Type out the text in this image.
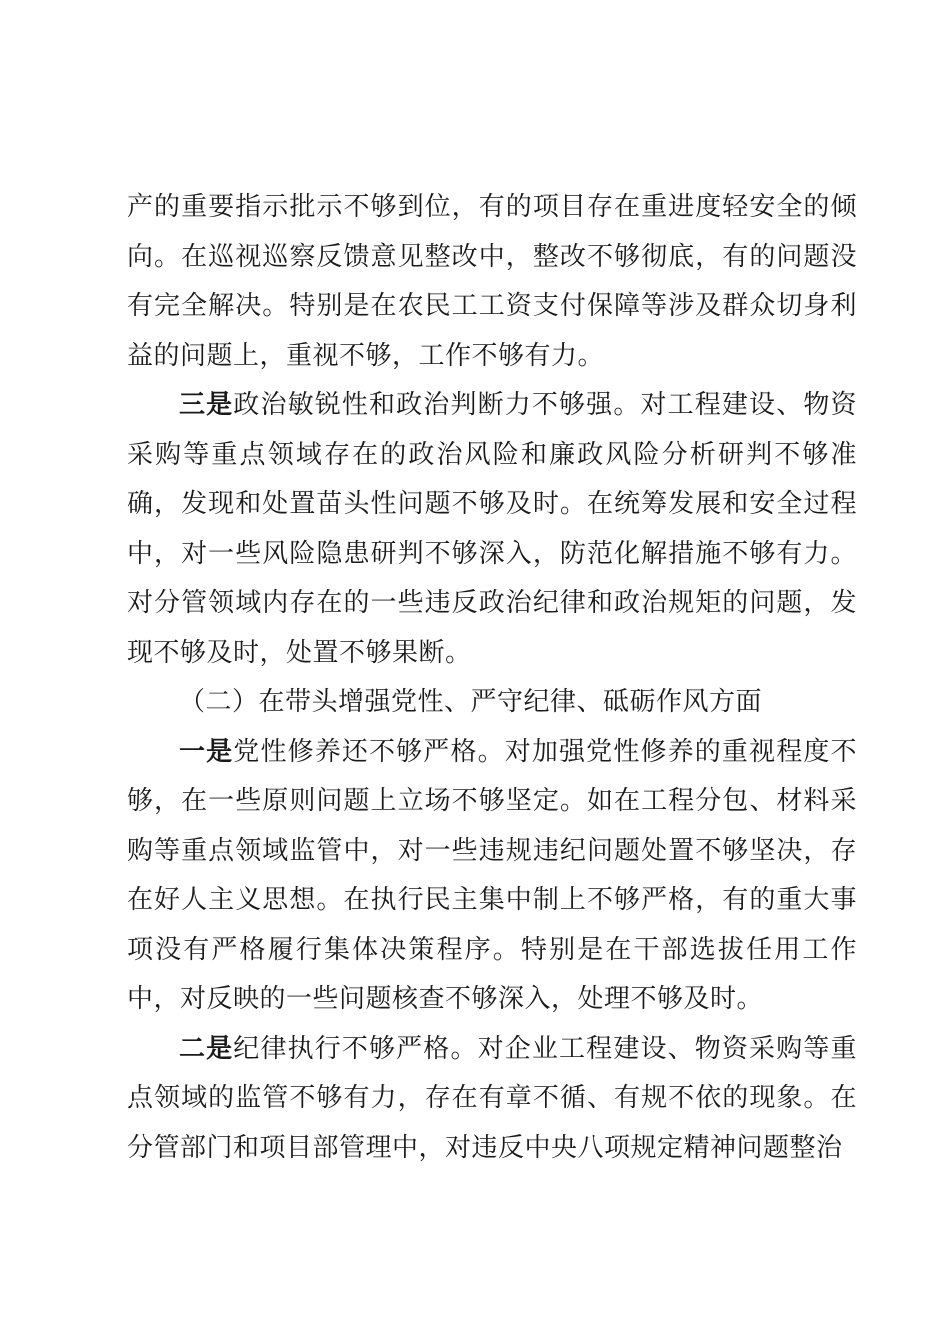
产的重要指示批示不够到位，有的项目存在重进度轻安全的倾向。在巡视巡察反馈意见整改中，整改不够彻底，有的问题没有完全解决。特别是在农民工工资支付保障等涉及群众切身利益的问题上，重视不够，工作不够有力。

三是政治敏锐性和政治判断力不够强。对工程建设、物资采购等重点领域存在的政治风险和廉政风险分析研判不够准确，发现和处置苗头性问题不够及时。在统筹发展和安全过程中，对一些风险隐患研判不够深入，防范化解措施不够有力。对分管领域内存在的一些违反政治纪律和政治规矩的问题，发现不够及时，处置不够果断。

（二）在带头增强党性、严守纪律、砥砺作风方面

一是党性修养还不够严格。对加强党性修养的重视程度不够，在一些原则问题上立场不够坚定。如在工程分包、材料采购等重点领域监管中，对一些违规违纪问题处置不够坚决，存在好人主义思想。在执行民主集中制上不够严格，有的重大事项没有严格履行集体决策程序。特别是在干部选拔任用工作中，对反映的一些问题核查不够深入，处理不够及时。

二是纪律执行不够严格。对企业工程建设、物资采购等重点领域的监管不够有力，存在有章不循、有规不依的现象。在分管部门和项目部管理中，对违反中央八项规定精神问题整治
